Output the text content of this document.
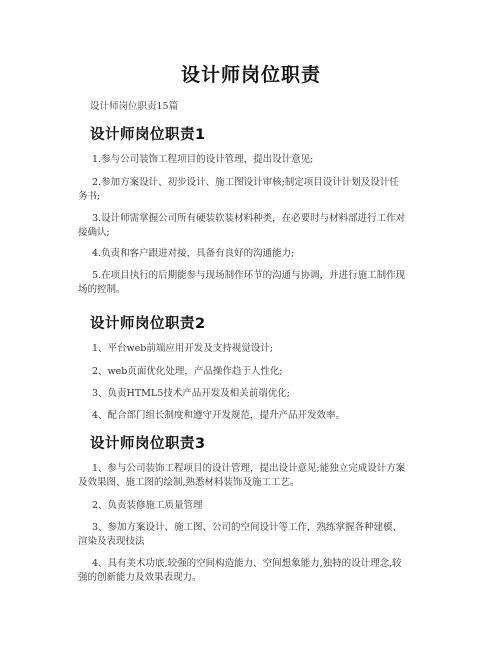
设计师岗位职责
设计师岗位职责15篇
设计师岗位职责1
1.参与公司装饰工程项目的设计管理，提出设计意见;
2.参加方案设计、初步设计、施工图设计审核;制定项目设计计划及设计任务书;
3.设计师需掌握公司所有硬装软装材料种类，在必要时与材料部进行工作对接确认;
4.负责和客户跟进对接，具备有良好的沟通能力;
5.在项目执行的后期能参与现场制作环节的沟通与协调，并进行施工制作现场的控制。
设计师岗位职责2
1、平台web前端应用开发及支持视觉设计;
2、web页面优化处理，产品操作趋于人性化;
3、负责HTML5技术产品开发及相关前端优化;
4、配合部门组长制度和遵守开发规范，提升产品开发效率。
设计师岗位职责3
1、参与公司装饰工程项目的设计管理，提出设计意见;能独立完成设计方案及效果图、施工图的绘制,熟悉材料装饰及施工工艺。
2、负责装修施工质量管理
3、参加方案设计、施工图、公司的空间设计等工作，熟练掌握各种建模、渲染及表现技法
4、具有美术功底,较强的空间构造能力、空间想象能力,独特的设计理念,较强的创新能力及效果表现力。
